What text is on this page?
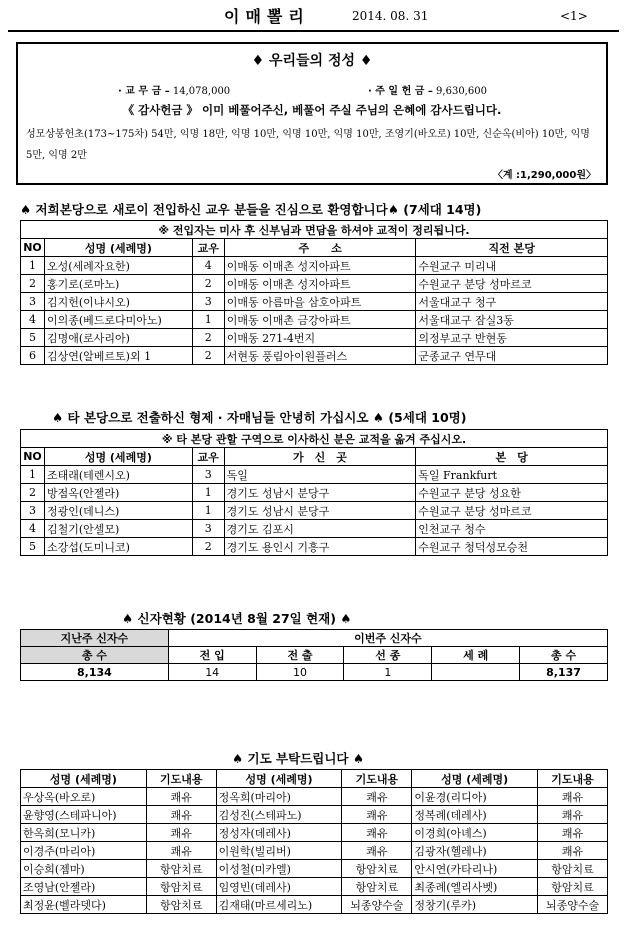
이매뽈리	2014. 08. 31	<1>
♦ 우리들의 정성 ♦
· 교 무 금 – 14,078,000	· 주 일 헌 금 – 9,630,600
《 감사헌금 》 이미 베풀어주신, 베풀어 주실 주님의 은혜에 감사드립니다.
성모상봉헌초(173~175차) 54만, 익명 18만, 익명 10만, 익명 10만, 익명 10만, 조영기(바오로) 10만, 신순옥(비아) 10만, 익명 5만, 익명 2만
〈계 :1,290,000원〉
♠ 저희본당으로 새로이 전입하신 교우 분들을 진심으로 환영합니다♠ (7세대 14명)
※ 전입자는 미사 후 신부님과 면담을 하셔야 교적이 정리됩니다.				
NO	성명 (세례명)	교우	주　　소	직전 본당
1	오성(세례자요한)	4	이매동 이매촌 성지아파트	수원교구 미리내
2	홍기로(로마노)	2	이매동 이매촌 성지아파트	수원교구 분당 성마르코
3	김지헌(이냐시오)	3	이매동 아름마을 삼호아파트	서울대교구 청구
4	이의종(베드로다미아노)	1	이매동 이매촌 금강아파트	서울대교구 잠실3동
5	김명애(로사리아)	2	이매동 271-4번지	의정부교구 반현동
6	김상연(알베르토)외 1	2	서현동 풍림아이원플러스	군종교구 연무대
♠ 타 본당으로 전출하신 형제 · 자매님들 안녕히 가십시오 ♠ (5세대 10명)
※ 타 본당 관할 구역으로 이사하신 분은 교적을 옮겨 주십시오.				
NO	성명 (세례명)	교우	가　신　곳	본　당
1	조태래(테렌시오)	3	독일	독일 Frankfurt
2	방점옥(안젤라)	1	경기도 성남시 분당구	수원교구 분당 성요한
3	정광인(데니스)	1	경기도 성남시 분당구	수원교구 분당 성마르코
4	김철기(안셀모)	3	경기도 김포시	인천교구 청수
5	소강섭(도미니코)	2	경기도 용인시 기흥구	수원교구 청덕성모승천
♠ 신자현황 (2014년 8월 27일 현재) ♠
지난주 신자수	이번주 신자수				
총 수	전 입	전 출	선 종	세 례	총 수
8,134	14	10	1		8,137
♠ 기도 부탁드립니다 ♠
성명 (세례명)	기도내용	성명 (세례명)	기도내용	성명 (세례명)	기도내용
우상옥(바오로)	쾌유	정옥희(마리아)	쾌유	이윤경(리디아)	쾌유
윤향영(스테파니아)	쾌유	김성진(스테파노)	쾌유	정복례(데레사)	쾌유
한옥희(모니카)	쾌유	정성자(데레사)	쾌유	이경희(아녜스)	쾌유
이경주(마리아)	쾌유	이원학(빌리버)	쾌유	김광자(헬레나)	쾌유
이승희(젬마)	항암치료	이성철(미카엘)	항암치료	안시연(카타리나)	항암치료
조영남(안젤라)	항암치료	임영빈(데레사)	항암치료	최종례(엘리사벳)	항암치료
최정윤(벨라뎃다)	항암치료	김재태(마르세리노)	뇌종양수술	정창기(루카)	뇌종양수술
